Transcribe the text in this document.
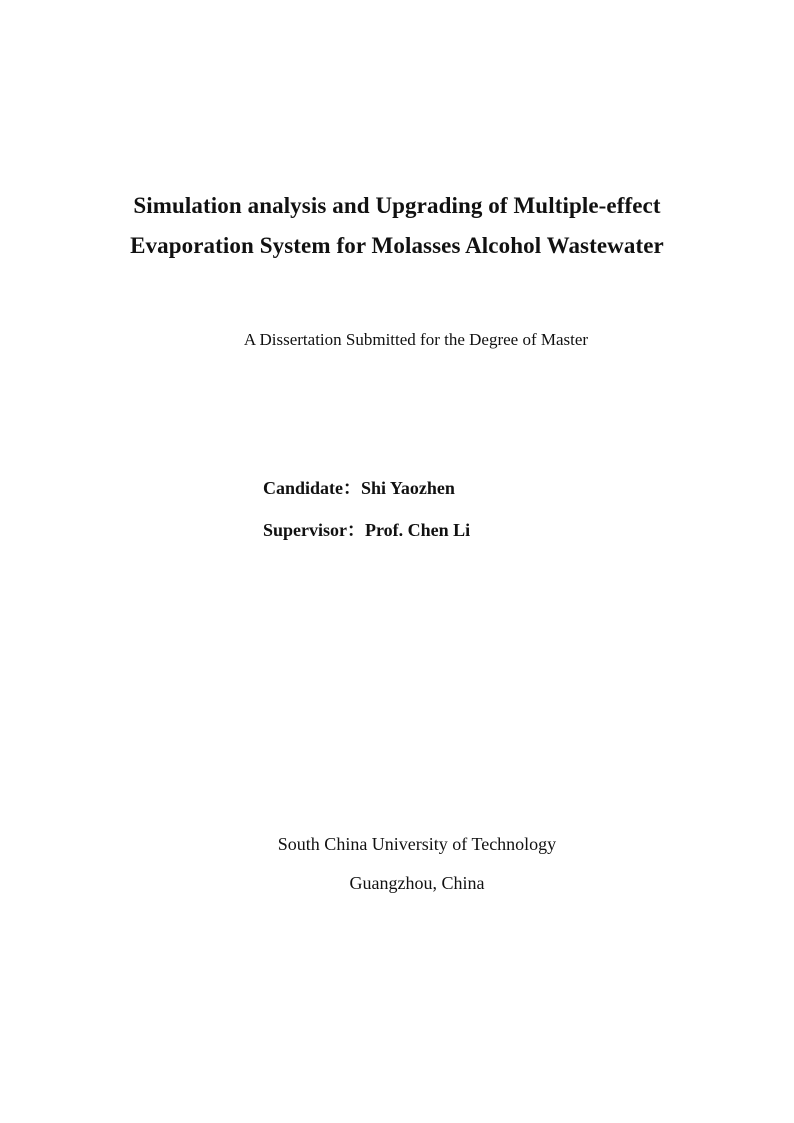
Simulation analysis and Upgrading of Multiple-effect
Evaporation System for Molasses Alcohol Wastewater
A Dissertation Submitted for the Degree of Master
Candidate：Shi Yaozhen
Supervisor：Prof. Chen Li
South China University of Technology
Guangzhou, China
